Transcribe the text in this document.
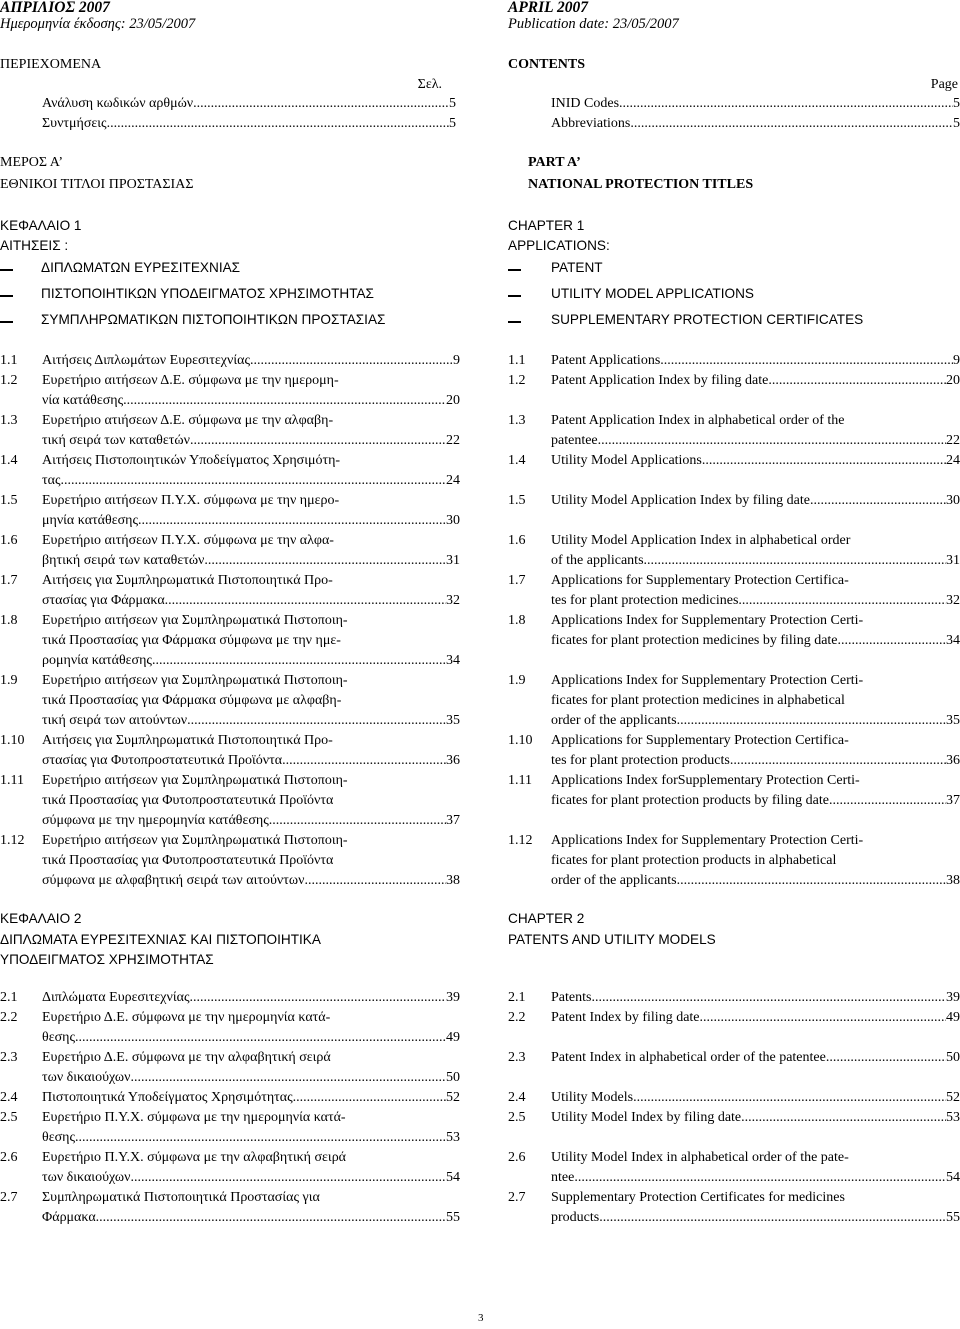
ΑΠΡΙΛΙΟΣ 2007
Ημερομηνία έκδοσης: 23/05/2007
ΠΕΡΙΕΧΟΜΕΝΑ
Σελ.
Ανάλυση κωδικών αρθμών .....	5
Συντμήσεις .....	5
ΜΕΡΟΣ Α’
ΕΘΝΙΚΟΙ ΤΙΤΛΟΙ ΠΡΟΣΤΑΣΙΑΣ
ΚΕΦΑΛΑΙΟ 1
ΑΙΤΗΣΕΙΣ :
ΔΙΠΛΩΜΑΤΩΝ ΕΥΡΕΣΙΤΕΧΝΙΑΣ
ΠΙΣΤΟΠΟΙΗΤΙΚΩΝ ΥΠΟΔΕΙΓΜΑΤΟΣ ΧΡΗΣΙΜΟΤΗΤΑΣ
ΣΥΜΠΛΗΡΩΜΑΤΙΚΩΝ ΠΙΣΤΟΠΟΙΗΤΙΚΩΝ ΠΡΟΣΤΑΣΙΑΣ
1.1 Αιτήσεις Διπλωμάτων Ευρεσιτεχνίας .....	9
1.2 Ευρετήριο αιτήσεων Δ.Ε. σύμφωνα με την ημερομη-
νία κατάθεσης .....	20
1.3 Ευρετήριο ατιήσεων Δ.Ε. σύμφωνα με την αλφαβη-
τική σειρά των καταθετών .....	22
1.4 Αιτήσεις Πιστοποιητικών Υποδείγματος Χρησιμότη-
τας .....	24
1.5 Ευρετήριο αιτήσεων Π.Υ.Χ. σύμφωνα με την ημερο-
μηνία κατάθεσης .....	30
1.6 Ευρετήριο αιτήσεων Π.Υ.Χ. σύμφωνα με την αλφα-
βητική σειρά των καταθετών .....	31
1.7 Αιτήσεις για Συμπληρωματικά Πιστοποιητικά Προ-
στασίας για Φάρμακα .....	32
1.8 Ευρετήριο αιτήσεων για Συμπληρωματικά Πιστοποιη-
τικά Προστασίας για Φάρμακα σύμφωνα με την ημε-
ρομηνία κατάθεσης .....	34
1.9 Ευρετήριο αιτήσεων για Συμπληρωματικά Πιστοποιη-
τικά Προστασίας για Φάρμακα σύμφωνα με αλφαβη-
τική σειρά των αιτούντων .....	35
1.10 Αιτήσεις για Συμπληρωματικά Πιστοποιητικά Προ-
στασίας για Φυτοπροστατευτικά Προϊόντα .....	36
1.11 Ευρετήριο αιτήσεων για Συμπληρωματικά Πιστοποιη-
τικά Προστασίας για Φυτοπροστατευτικά Προϊόντα
σύμφωνα με την ημερομηνία κατάθεσης .....	37
1.12 Ευρετήριο αιτήσεων για Συμπληρωματικά Πιστοποιη-
τικά Προστασίας για Φυτοπροστατευτικά Προϊόντα
σύμφωνα με αλφαβητική σειρά των αιτούντων .....	38
ΚΕΦΑΛΑΙΟ 2
ΔΙΠΛΩΜΑΤΑ ΕΥΡΕΣΙΤΕΧΝΙΑΣ ΚΑΙ ΠΙΣΤΟΠΟΙΗΤΙΚΑ
ΥΠΟΔΕΙΓΜΑΤΟΣ ΧΡΗΣΙΜΟΤΗΤΑΣ
2.1 Διπλώματα Ευρεσιτεχνίας .....	39
2.2 Ευρετήριο Δ.Ε. σύμφωνα με την ημερομηνία κατά-
θεσης .....	49
2.3 Ευρετήριο Δ.Ε. σύμφωνα με την αλφαβητική σειρά
των δικαιούχων .....	50
2.4 Πιστοποιητικά Υποδείγματος Χρησιμότητας .....	52
2.5 Ευρετήριο Π.Υ.Χ. σύμφωνα με την ημερομηνία κατά-
θεσης .....	53
2.6 Ευρετήριο Π.Υ.Χ. σύμφωνα με την αλφαβητική σειρά
των δικαιούχων .....	54
2.7 Συμπληρωματικά Πιστοποιητικά Προστασίας για
Φάρμακα .....	55
APRIL 2007
Publication date: 23/05/2007
CONTENTS
Page
INID Codes .....	5
Abbreviations .....	5
PART A’
NATIONAL PROTECTION TITLES
CHAPTER 1
APPLICATIONS:
PATENT
UTILITY MODEL APPLICATIONS
SUPPLEMENTARY PROTECTION CERTIFICATES
1.1 Patent Applications .....	9
1.2 Patent Application Index by filing date .....	20
1.3 Patent Application Index in alphabetical order of the
patentee .....	22
1.4 Utility Model Applications .....	24
1.5 Utility Model Application Index by filing date .....	30
1.6 Utility Model Application Index in alphabetical order
of the applicants .....	31
1.7 Applications for Supplementary Protection Certifica-
tes for plant protection medicines .....	32
1.8 Applications Index for Supplementary Protection Certi-
ficates for plant protection medicines by filing date .....	34
1.9 Applications Index for Supplementary Protection Certi-
ficates for plant protection medicines in alphabetical
order of the applicants .....	35
1.10 Applications for Supplementary Protection Certifica-
tes for plant protection products .....	36
1.11 Applications Index forSupplementary Protection Certi-
ficates for plant protection products by filing date .....	37
1.12 Applications Index for Supplementary Protection Certi-
ficates for plant protection products in alphabetical
order of the applicants .....	38
CHAPTER 2
PATENTS AND UTILITY MODELS
2.1 Patents .....	39
2.2 Patent Index by filing date .....	49
2.3 Patent Index in alphabetical order of the patentee .....	50
2.4 Utility Models .....	52
2.5 Utility Model Index by filing date .....	53
2.6 Utility Model Index in alphabetical order of the pate-
ntee .....	54
2.7 Supplementary Protection Certificates for medicines
products .....	55
3
